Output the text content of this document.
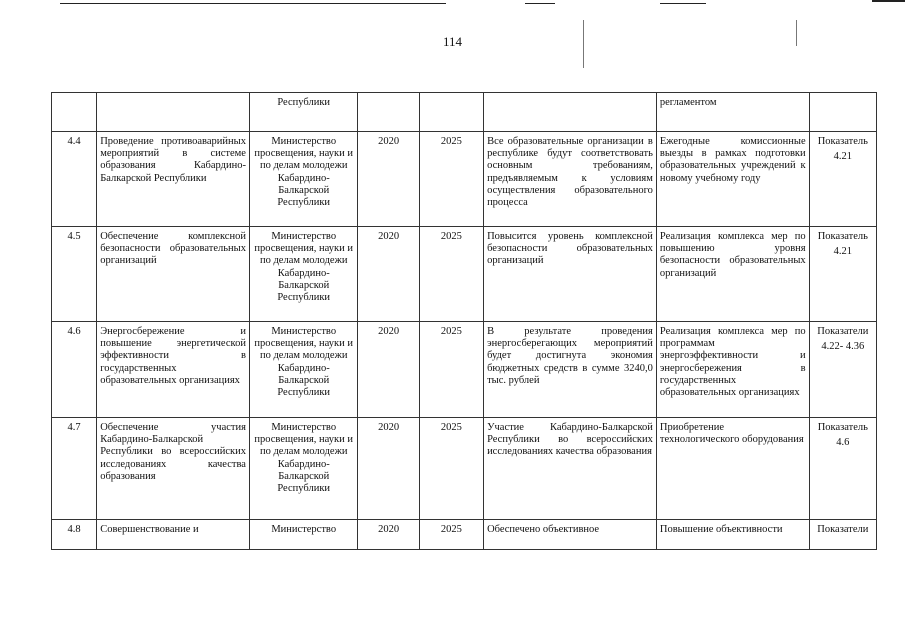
114
		Республики				регламентом	

4.4	Проведение противоаварийных мероприятий в системе образования Кабардино-Балкарской Республики	Министерство просвещения, науки и по делам молодежи Кабардино-Балкарской Республики	2020	2025	Все образовательные организации в республике будут соответствовать основным требованиям, предъявляемым к условиям осуществления образовательного процесса	Ежегодные комиссионные выезды в рамках подготовки образовательных учреждений к новому учебному году	Показатель
4.21

4.5	Обеспечение комплексной безопасности образовательных организаций	Министерство просвещения, науки и по делам молодежи Кабардино-Балкарской Республики	2020	2025	Повысится уровень комплексной безопасности образовательных организаций	Реализация комплекса мер по повышению уровня безопасности образовательных организаций	Показатель
4.21

4.6	Энергосбережение и повышение энергетической эффективности в государственных образовательных организациях	Министерство просвещения, науки и по делам молодежи Кабардино-Балкарской Республики	2020	2025	В результате проведения энергосберегающих мероприятий будет достигнута экономия бюджетных средств в сумме 3240,0 тыс. рублей	Реализация комплекса мер по программам энергоэффективности и энергосбережения в государственных образовательных организациях	Показатели
4.22- 4.36

4.7	Обеспечение участия Кабардино-Балкарской Республики во всероссийских исследованиях качества образования	Министерство просвещения, науки и по делам молодежи Кабардино-Балкарской Республики	2020	2025	Участие Кабардино-Балкарской Республики во всероссийских исследованиях качества образования	Приобретение технологического оборудования	Показатель
4.6

4.8	Совершенствование и	Министерство	2020	2025	Обеспечено объективное	Повышение объективности	Показатели
